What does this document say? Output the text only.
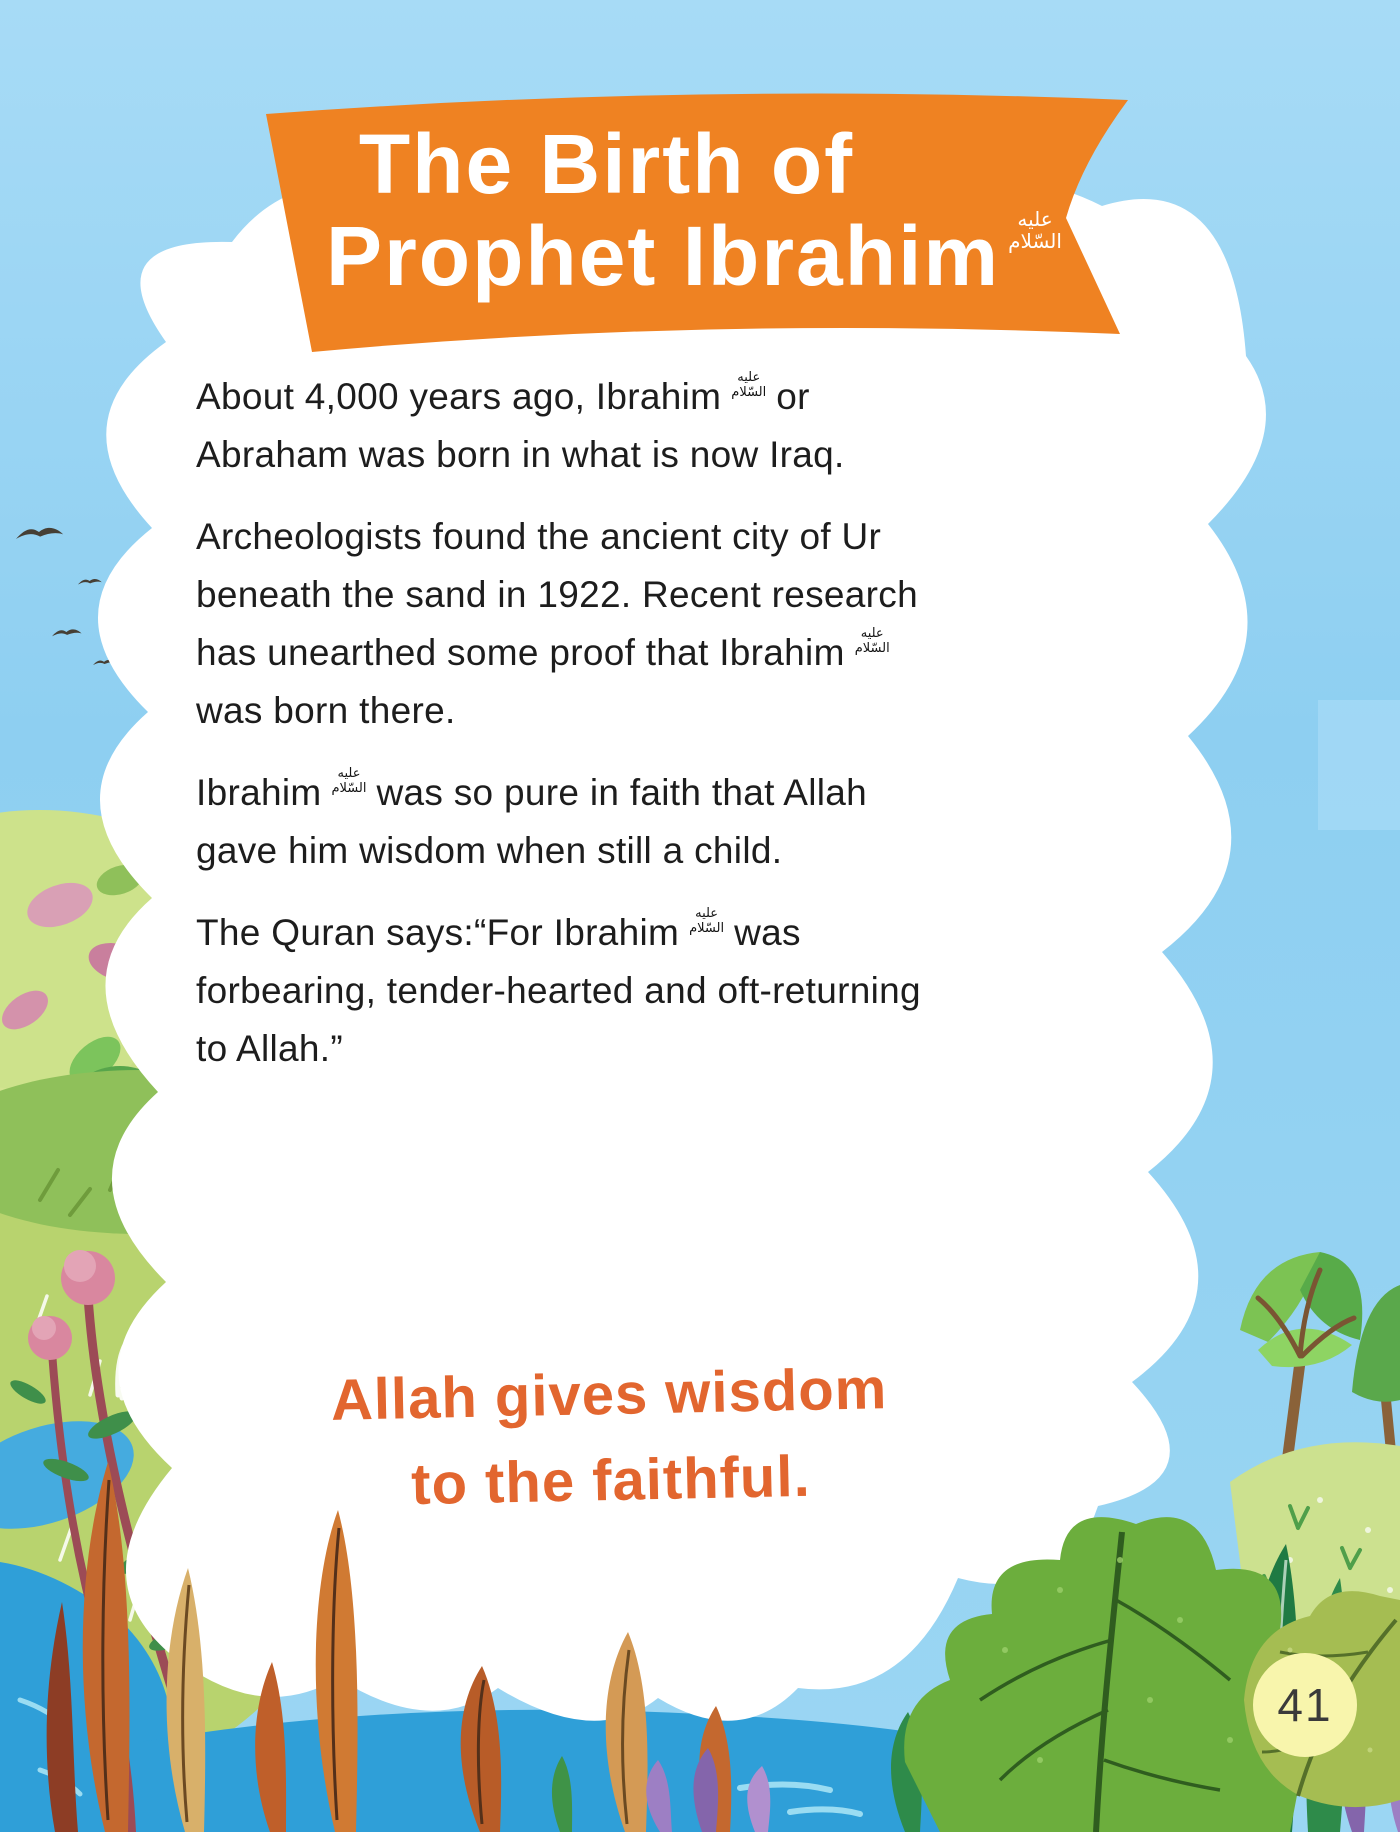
The Birth of
Prophet Ibrahim عليه
السّلام
About 4,000 years ago, Ibrahim عليه
السّلام or
Abraham was born in what is now Iraq.
Archeologists found the ancient city of Ur
beneath the sand in 1922. Recent research
has unearthed some proof that Ibrahim عليه
السّلام
was born there.
Ibrahim عليه
السّلام was so pure in faith that Allah
gave him wisdom when still a child.
The Quran says:“For Ibrahim عليه
السّلام was
forbearing, tender-hearted and oft-returning
to Allah.”
Allah gives wisdom
to the faithful.
41
